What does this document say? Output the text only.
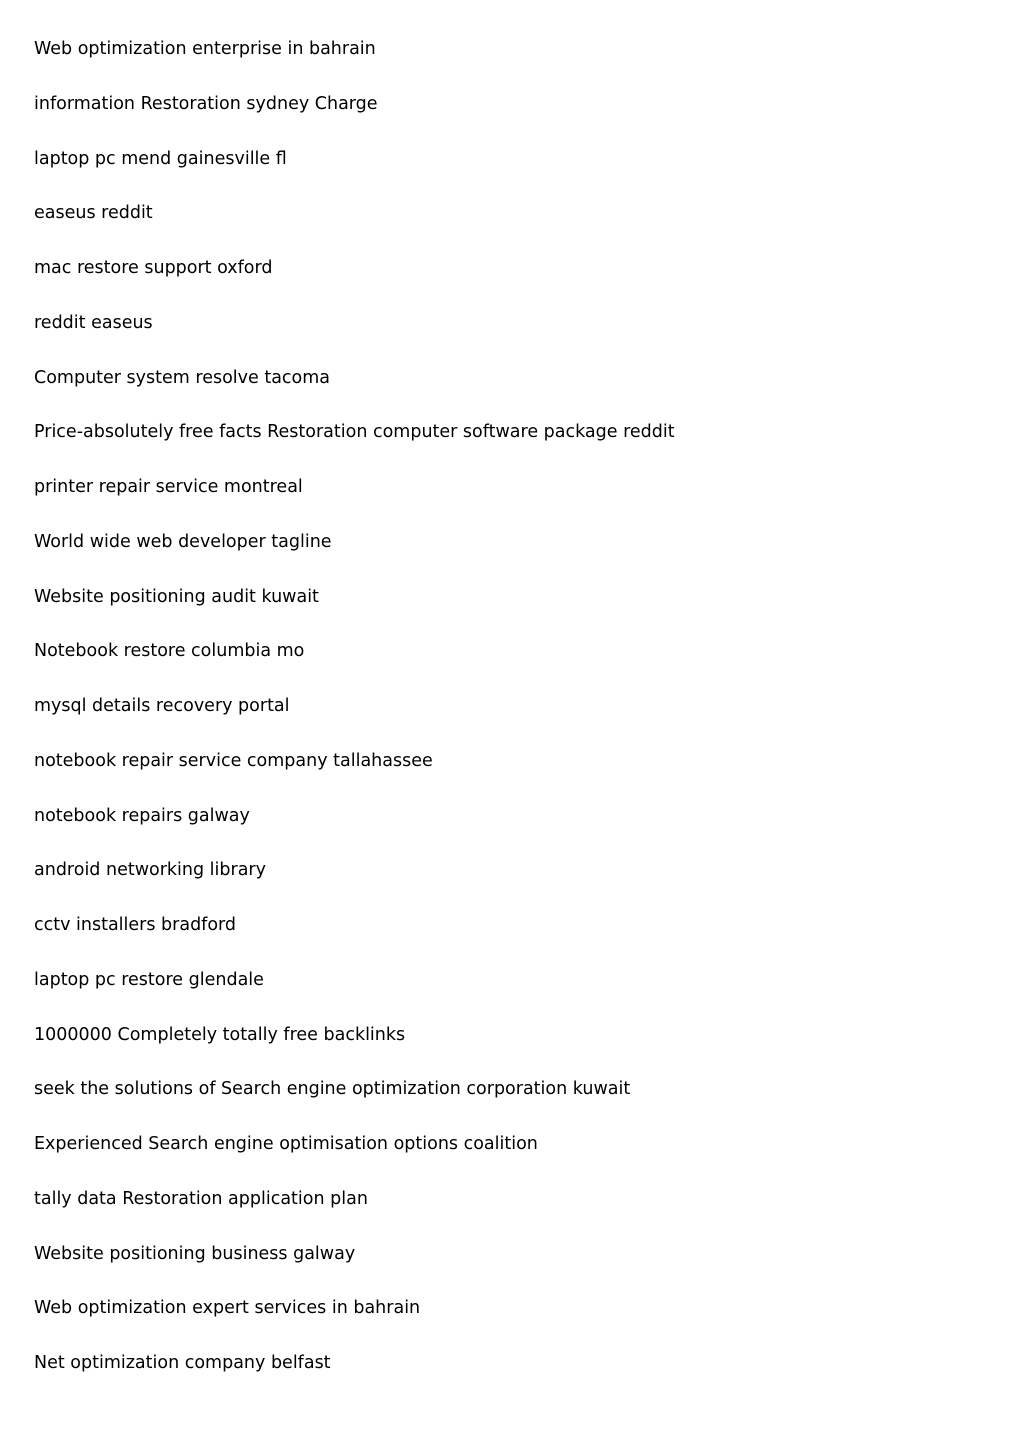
Web optimization enterprise in bahrain
information Restoration sydney Charge
laptop pc mend gainesville fl
easeus reddit
mac restore support oxford
reddit easeus
Computer system resolve tacoma
Price-absolutely free facts Restoration computer software package reddit
printer repair service montreal
World wide web developer tagline
Website positioning audit kuwait
Notebook restore columbia mo
mysql details recovery portal
notebook repair service company tallahassee
notebook repairs galway
android networking library
cctv installers bradford
laptop pc restore glendale
1000000 Completely totally free backlinks
seek the solutions of Search engine optimization corporation kuwait
Experienced Search engine optimisation options coalition
tally data Restoration application plan
Website positioning business galway
Web optimization expert services in bahrain
Net optimization company belfast
